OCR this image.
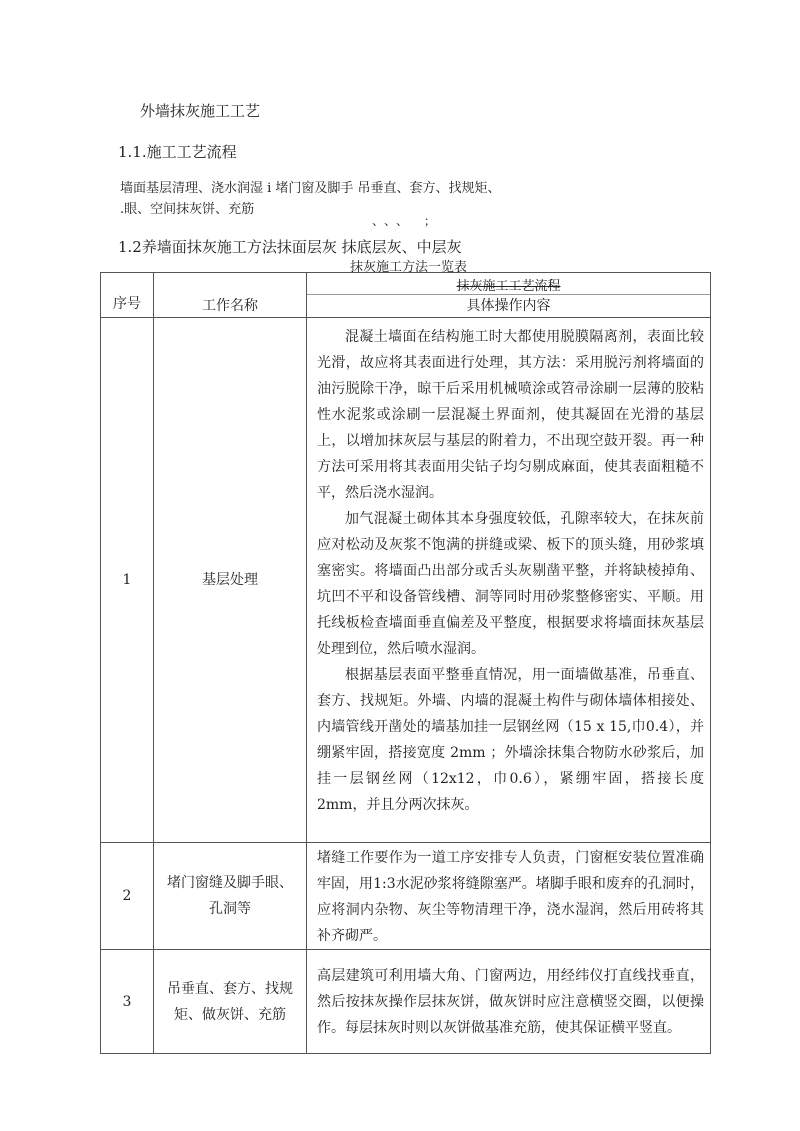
外墙抹灰施工工艺
1.1.施工工艺流程
墙面基层清理、浇水润湿 i 堵门窗及脚手 吊垂直、套方、找规矩、
.眼、空间抹灰饼、充筋
、、、 ；
1.2养墙面抹灰施工方法抹面层灰 抹底层灰、中层灰
抹灰施工方法一览表
序号	工作名称	抹灰施工工艺流程
具体操作内容

1	基层处理	混凝土墙面在结构施工时大都使用脱膜隔离剂，表面比较光滑，故应将其表面进行处理，其方法：采用脱污剂将墙面的油污脱除干净，晾干后采用机械喷涂或笤帚涂刷一层薄的胶粘性水泥浆或涂刷一层混凝土界面剂，使其凝固在光滑的基层上，以增加抹灰层与基层的附着力，不出现空鼓开裂。再一种方法可采用将其表面用尖钻子均匀剔成麻面，使其表面粗糙不平，然后浇水湿润。

加气混凝土砌体其本身强度较低，孔隙率较大，在抹灰前应对松动及灰浆不饱满的拼缝或梁、板下的顶头缝，用砂浆填塞密实。将墙面凸出部分或舌头灰剔凿平整，并将缺棱掉角、坑凹不平和设备管线槽、洞等同时用砂浆整修密实、平顺。用托线板检查墙面垂直偏差及平整度，根据要求将墙面抹灰基层处理到位，然后喷水湿润。

根据基层表面平整垂直情况，用一面墙做基准，吊垂直、套方、找规矩。外墙、内墙的混凝土构件与砌体墙体相接处、内墙管线开凿处的墙基加挂一层钢丝网（15 x 15,巾0.4），并绷紧牢固，搭接宽度 2mm ；外墙涂抹集合物防水砂浆后，加挂一层钢丝网（12x12，巾0.6），紧绷牢固，搭接长度2mm，并且分两次抹灰。

2	堵门窗缝及脚手眼、
孔洞等	堵缝工作要作为一道工序安排专人负责，门窗框安装位置准确牢固，用1:3水泥砂浆将缝隙塞严。堵脚手眼和废弃的孔洞时，应将洞内杂物、灰尘等物清理干净，浇水湿润，然后用砖将其补齐砌严。

3	吊垂直、套方、找规
矩、做灰饼、充筋	高层建筑可利用墙大角、门窗两边，用经纬仪打直线找垂直，然后按抹灰操作层抹灰饼，做灰饼时应注意横竖交圈，以便操作。每层抹灰时则以灰饼做基准充筋，使其保证横平竖直。
